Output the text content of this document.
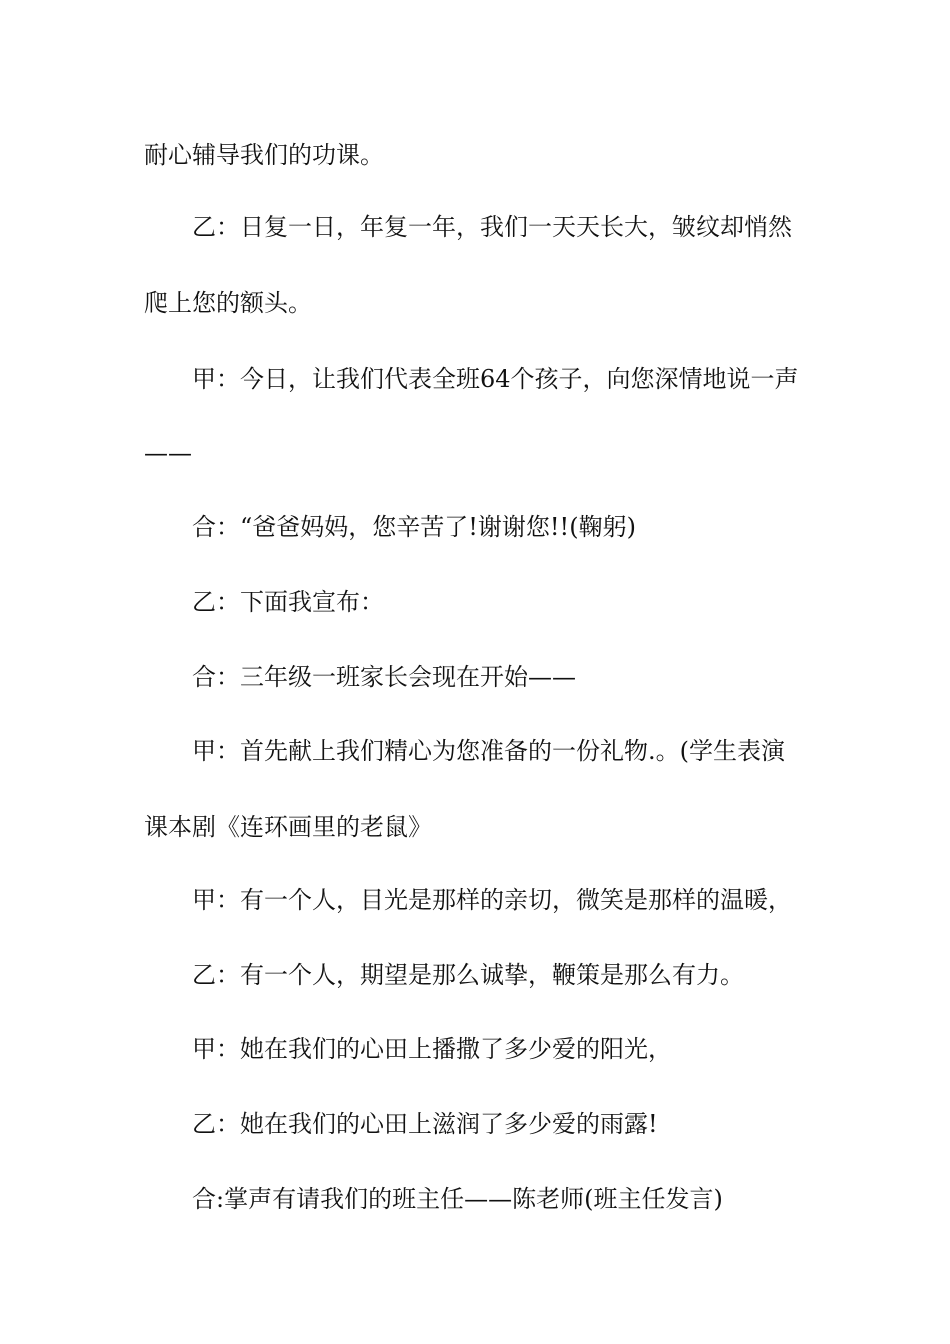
耐心辅导我们的功课。
乙：日复一日，年复一年，我们一天天长大，皱纹却悄然
爬上您的额头。
甲：今日，让我们代表全班64个孩子，向您深情地说一声
——
合：“爸爸妈妈，您辛苦了!谢谢您!!(鞠躬)
乙：下面我宣布：
合：三年级一班家长会现在开始——
甲：首先献上我们精心为您准备的一份礼物.。(学生表演
课本剧《连环画里的老鼠》
甲：有一个人，目光是那样的亲切，微笑是那样的温暖，
乙：有一个人，期望是那么诚挚，鞭策是那么有力。
甲：她在我们的心田上播撒了多少爱的阳光，
乙：她在我们的心田上滋润了多少爱的雨露!
合:掌声有请我们的班主任——陈老师(班主任发言)
